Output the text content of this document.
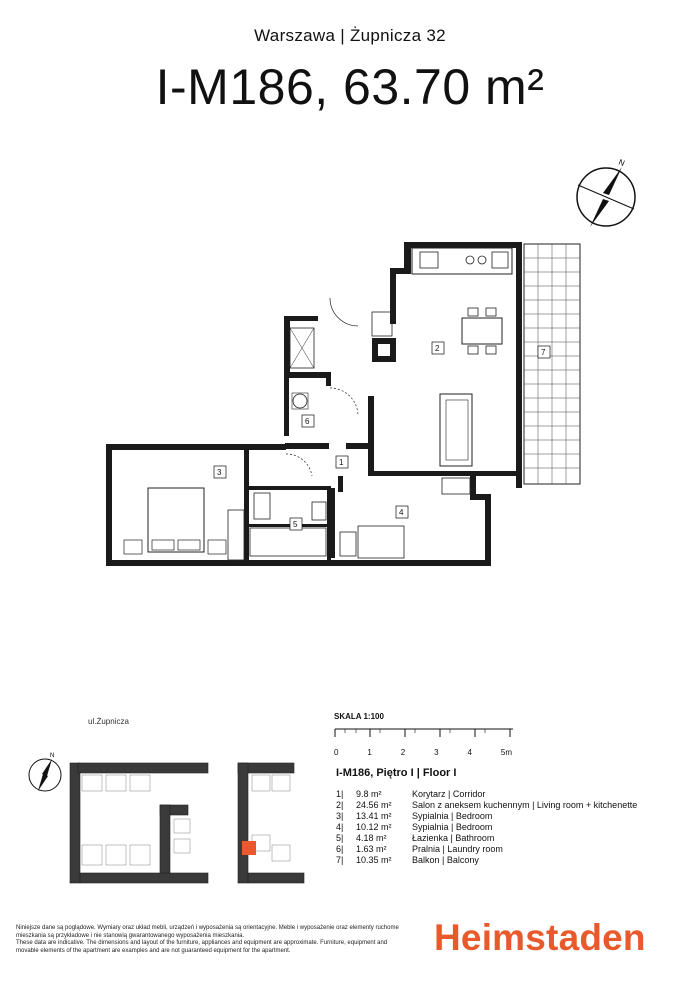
Warszawa | Żupnicza 32
I-M186, 63.70 m²
N
1
2
3
4
5
6
7
ul.Żupnicza
N
SKALA 1:100
0	1	2	3	4	5m
I-M186, Piętro I | Floor I
1|	9.8 m²	Korytarz | Corridor
2|	24.56 m²	Salon z aneksem kuchennym | Living room + kitchenette
3|	13.41 m²	Sypialnia | Bedroom
4|	10.12 m²	Sypialnia | Bedroom
5|	4.18 m²	Łazienka | Bathroom
6|	1.63 m²	Pralnia | Laundry room
7|	10.35 m²	Balkon | Balcony
Niniejsze dane są poglądowe. Wymiary oraz układ mebli, urządzeń i wyposażenia są orientacyjne. Meble i wyposażenie oraz elementy ruchome mieszkania są przykładowe i nie stanowią gwarantowanego wyposażenia mieszkania.
These data are indicative. The dimensions and layout of the furniture, appliances and equipment are approximate. Furniture, equipment and movable elements of the apartment are examples and are not guaranteed equipment for the apartment.	Heimstaden
